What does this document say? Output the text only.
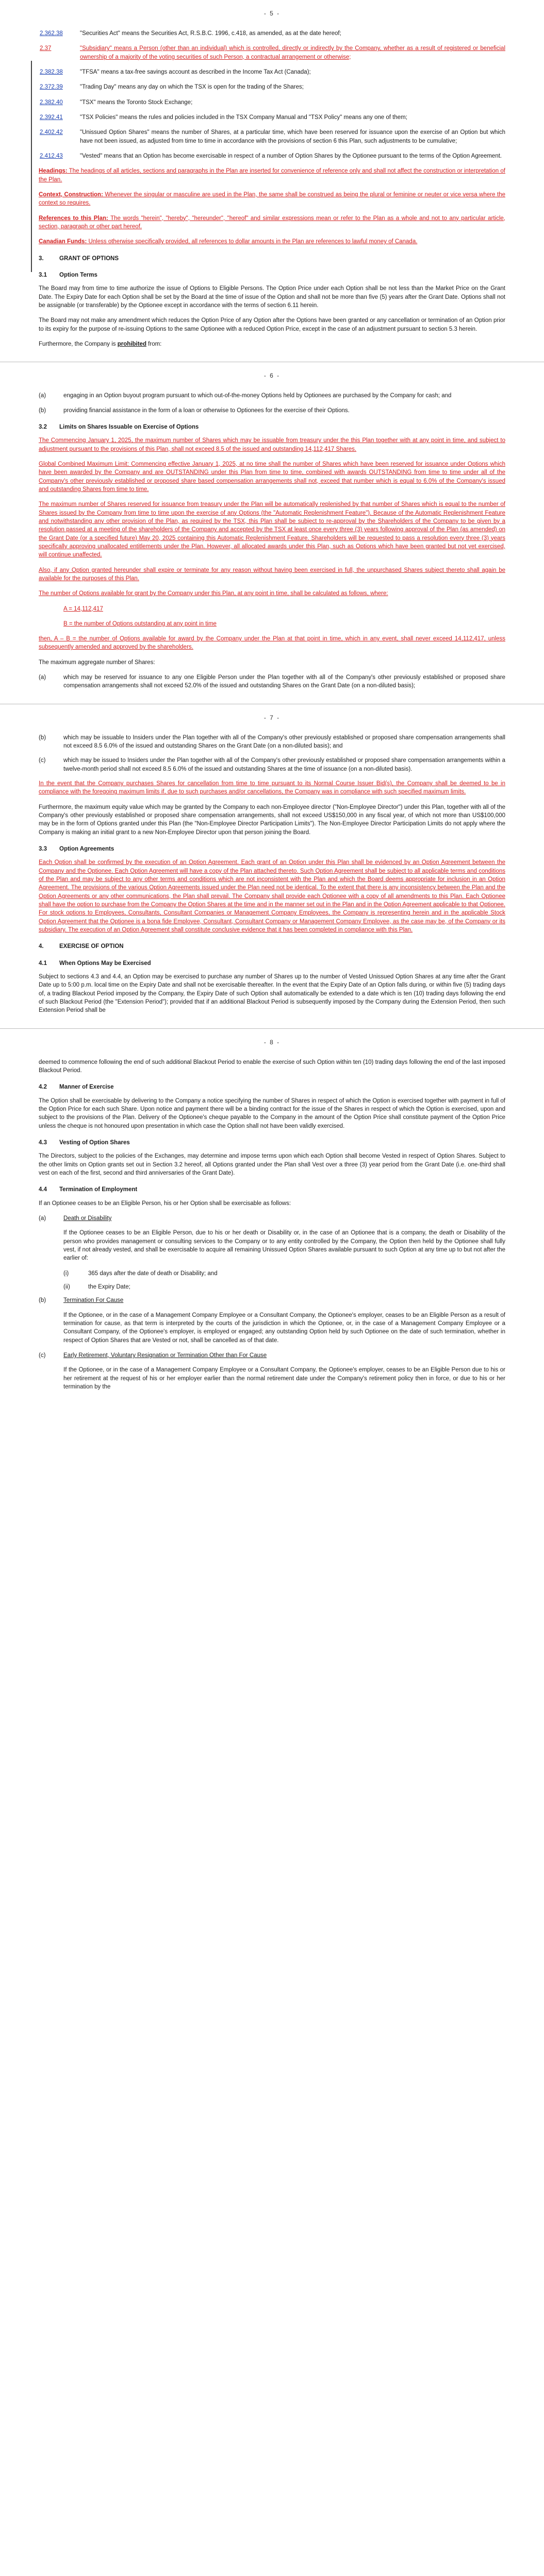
- 5 -
2.362.38	"Securities Act" means the Securities Act, R.S.B.C. 1996, c.418, as amended, as at the date hereof;
2.37	"Subsidiary" means a Person (other than an individual) which is controlled, directly or indirectly by the Company, whether as a result of registered or beneficial ownership of a majority of the voting securities of such Person, a contractual arrangement or otherwise;
2.382.38	"TFSA" means a tax-free savings account as described in the Income Tax Act (Canada);
2.372.39	"Trading Day" means any day on which the TSX is open for the trading of the Shares;
2.382.40	"TSX" means the Toronto Stock Exchange;
2.392.41	"TSX Policies" means the rules and policies included in the TSX Company Manual and "TSX Policy" means any one of them;
2.402.42	"Unissued Option Shares" means the number of Shares, at a particular time, which have been reserved for issuance upon the exercise of an Option but which have not been issued, as adjusted from time to time in accordance with the provisions of section 6 this Plan, such adjustments to be cumulative;
2.412.43	"Vested" means that an Option has become exercisable in respect of a number of Option Shares by the Optionee pursuant to the terms of the Option Agreement.

Headings: The headings of all articles, sections and paragraphs in the Plan are inserted for convenience of reference only and shall not affect the construction or interpretation of the Plan.

Context, Construction: Whenever the singular or masculine are used in the Plan, the same shall be construed as being the plural or feminine or neuter or vice versa where the context so requires.

References to this Plan: The words "herein", "hereby", "hereunder", "hereof" and similar expressions mean or refer to the Plan as a whole and not to any particular article, section, paragraph or other part hereof.

Canadian Funds: Unless otherwise specifically provided, all references to dollar amounts in the Plan are references to lawful money of Canada.

3.	GRANT OF OPTIONS
3.1 Option Terms

The Board may from time to time authorize the issue of Options to Eligible Persons. The Option Price under each Option shall be not less than the Market Price on the Grant Date. The Expiry Date for each Option shall be set by the Board at the time of issue of the Option and shall not be more than five (5) years after the Grant Date. Options shall not be assignable (or transferable) by the Optionee except in accordance with the terms of section 6.11 herein.

The Board may not make any amendment which reduces the Option Price of any Option after the Options have been granted or any cancellation or termination of an Option prior to its expiry for the purpose of re-issuing Options to the same Optionee with a reduced Option Price, except in the case of an adjustment pursuant to section 5.3 herein.

Furthermore, the Company is prohibited from:

- 6 -
(a)	engaging in an Option buyout program pursuant to which out-of-the-money Options held by Optionees are purchased by the Company for cash; and
(b)	providing financial assistance in the form of a loan or otherwise to Optionees for the exercise of their Options.
3.2 Limits on Shares Issuable on Exercise of Options

The Commencing January 1, 2025, the maximum number of Shares which may be issuable from treasury under the this Plan together with at any point in time, and subject to adjustment pursuant to the provisions of this Plan, shall not exceed 8.5 of the issued and outstanding 14,112,417 Shares.

Global Combined Maximum Limit: Commencing effective January 1, 2025, at no time shall the number of Shares which have been reserved for issuance under Options which have been awarded by the Company and are OUTSTANDING under this Plan from time to time, combined with awards OUTSTANDING from time to time under all of the Company's other previously established or proposed share based compensation arrangements shall not, exceed that number which is equal to 6.0% of the Company's issued and outstanding Shares from time to time.

The maximum number of Shares reserved for issuance from treasury under the Plan will be automatically replenished by that number of Shares which is equal to the number of Shares issued by the Company from time to time upon the exercise of any Options (the "Automatic Replenishment Feature"). Because of the Automatic Replenishment Feature and notwithstanding any other provision of the Plan, as required by the TSX, this Plan shall be subject to re-approval by the Shareholders of the Company to be given by a resolution passed at a meeting of the shareholders of the Company and accepted by the TSX at least once every three (3) years following approval of the Plan (as amended) on the Grant Date (or a specified future) May 20, 2025 containing this Automatic Replenishment Feature. Shareholders will be requested to pass a resolution every three (3) years specifically approving unallocated entitlements under the Plan. However, all allocated awards under this Plan, such as Options which have been granted but not yet exercised, will continue unaffected.

Also, if any Option granted hereunder shall expire or terminate for any reason without having been exercised in full, the unpurchased Shares subject thereto shall again be available for the purposes of this Plan.

The number of Options available for grant by the Company under this Plan, at any point in time, shall be calculated as follows, where:

A = 14,112,417

B = the number of Options outstanding at any point in time

then, A – B = the number of Options available for award by the Company under the Plan at that point in time, which in any event, shall never exceed 14,112,417, unless subsequently amended and approved by the shareholders.

The maximum aggregate number of Shares:

(a)	which may be reserved for issuance to any one Eligible Person under the Plan together with all of the Company's other previously established or proposed share compensation arrangements shall not exceed 52.0% of the issued and outstanding Shares on the Grant Date (on a non-diluted basis);
- 7 -
(b)	which may be issuable to Insiders under the Plan together with all of the Company's other previously established or proposed share compensation arrangements shall not exceed 8.5 6.0% of the issued and outstanding Shares on the Grant Date (on a non-diluted basis); and
(c)	which may be issued to Insiders under the Plan together with all of the Company's other previously established or proposed share compensation arrangements within a twelve-month period shall not exceed 8.5 6.0% of the issued and outstanding Shares at the time of issuance (on a non-diluted basis).

In the event that the Company purchases Shares for cancellation from time to time pursuant to its Normal Course Issuer Bid(s), the Company shall be deemed to be in compliance with the foregoing maximum limits if, due to such purchases and/or cancellations, the Company was in compliance with such specified maximum limits.

Furthermore, the maximum equity value which may be granted by the Company to each non-Employee director ("Non-Employee Director") under this Plan, together with all of the Company's other previously established or proposed share compensation arrangements, shall not exceed US$150,000 in any fiscal year, of which not more than US$100,000 may be in the form of Options granted under this Plan (the "Non-Employee Director Participation Limits"). The Non-Employee Director Participation Limits do not apply where the Company is making an initial grant to a new Non-Employee Director upon that person joining the Board.

3.3 Option Agreements

Each Option shall be confirmed by the execution of an Option Agreement. Each grant of an Option under this Plan shall be evidenced by an Option Agreement between the Company and the Optionee. Each Option Agreement will have a copy of the Plan attached thereto. Such Option Agreement shall be subject to all applicable terms and conditions of the Plan and may be subject to any other terms and conditions which are not inconsistent with the Plan and which the Board deems appropriate for inclusion in an Option Agreement. The provisions of the various Option Agreements issued under the Plan need not be identical. To the extent that there is any inconsistency between the Plan and the Option Agreements or any other communications, the Plan shall prevail. The Company shall provide each Optionee with a copy of all amendments to this Plan. Each Optionee shall have the option to purchase from the Company the Option Shares at the time and in the manner set out in the Plan and in the Option Agreement applicable to that Optionee. For stock options to Employees, Consultants, Consultant Companies or Management Company Employees, the Company is representing herein and in the applicable Stock Option Agreement that the Optionee is a bona fide Employee, Consultant, Consultant Company or Management Company Employee, as the case may be, of the Company or its subsidiary. The execution of an Option Agreement shall constitute conclusive evidence that it has been completed in compliance with this Plan.

4.	EXERCISE OF OPTION
4.1 When Options May be Exercised

Subject to sections 4.3 and 4.4, an Option may be exercised to purchase any number of Shares up to the number of Vested Unissued Option Shares at any time after the Grant Date up to 5:00 p.m. local time on the Expiry Date and shall not be exercisable thereafter. In the event that the Expiry Date of an Option falls during, or within five (5) trading days of, a trading Blackout Period imposed by the Company, the Expiry Date of such Option shall automatically be extended to a date which is ten (10) trading days following the end of such Blackout Period (the "Extension Period"); provided that if an additional Blackout Period is subsequently imposed by the Company during the Extension Period, then such Extension Period shall be

- 8 -

deemed to commence following the end of such additional Blackout Period to enable the exercise of such Option within ten (10) trading days following the end of the last imposed Blackout Period.

4.2 Manner of Exercise

The Option shall be exercisable by delivering to the Company a notice specifying the number of Shares in respect of which the Option is exercised together with payment in full of the Option Price for each such Share. Upon notice and payment there will be a binding contract for the issue of the Shares in respect of which the Option is exercised, upon and subject to the provisions of the Plan. Delivery of the Optionee's cheque payable to the Company in the amount of the Option Price shall constitute payment of the Option Price unless the cheque is not honoured upon presentation in which case the Option shall not have been validly exercised.

4.3 Vesting of Option Shares

The Directors, subject to the policies of the Exchanges, may determine and impose terms upon which each Option shall become Vested in respect of Option Shares. Subject to the other limits on Option grants set out in Section 3.2 hereof, all Options granted under the Plan shall Vest over a three (3) year period from the Grant Date (i.e. one-third shall vest on each of the first, second and third anniversaries of the Grant Date).

4.4 Termination of Employment

If an Optionee ceases to be an Eligible Person, his or her Option shall be exercisable as follows:

(a)	Death or Disability

If the Optionee ceases to be an Eligible Person, due to his or her death or Disability or, in the case of an Optionee that is a company, the death or Disability of the person who provides management or consulting services to the Company or to any entity controlled by the Company, the Option then held by the Optionee shall fully vest, if not already vested, and shall be exercisable to acquire all remaining Unissued Option Shares available pursuant to such Option at any time up to but not after the earlier of:

(i)	365 days after the date of death or Disability; and
(ii)	the Expiry Date;
(b)	Termination For Cause

If the Optionee, or in the case of a Management Company Employee or a Consultant Company, the Optionee's employer, ceases to be an Eligible Person as a result of termination for cause, as that term is interpreted by the courts of the jurisdiction in which the Optionee, or, in the case of a Management Company Employee or a Consultant Company, of the Optionee's employer, is employed or engaged; any outstanding Option held by such Optionee on the date of such termination, whether in respect of Option Shares that are Vested or not, shall be cancelled as of that date.

(c)	Early Retirement, Voluntary Resignation or Termination Other than For Cause

If the Optionee, or in the case of a Management Company Employee or a Consultant Company, the Optionee's employer, ceases to be an Eligible Person due to his or her retirement at the request of his or her employer earlier than the normal retirement date under the Company's retirement policy then in force, or due to his or her termination by the
